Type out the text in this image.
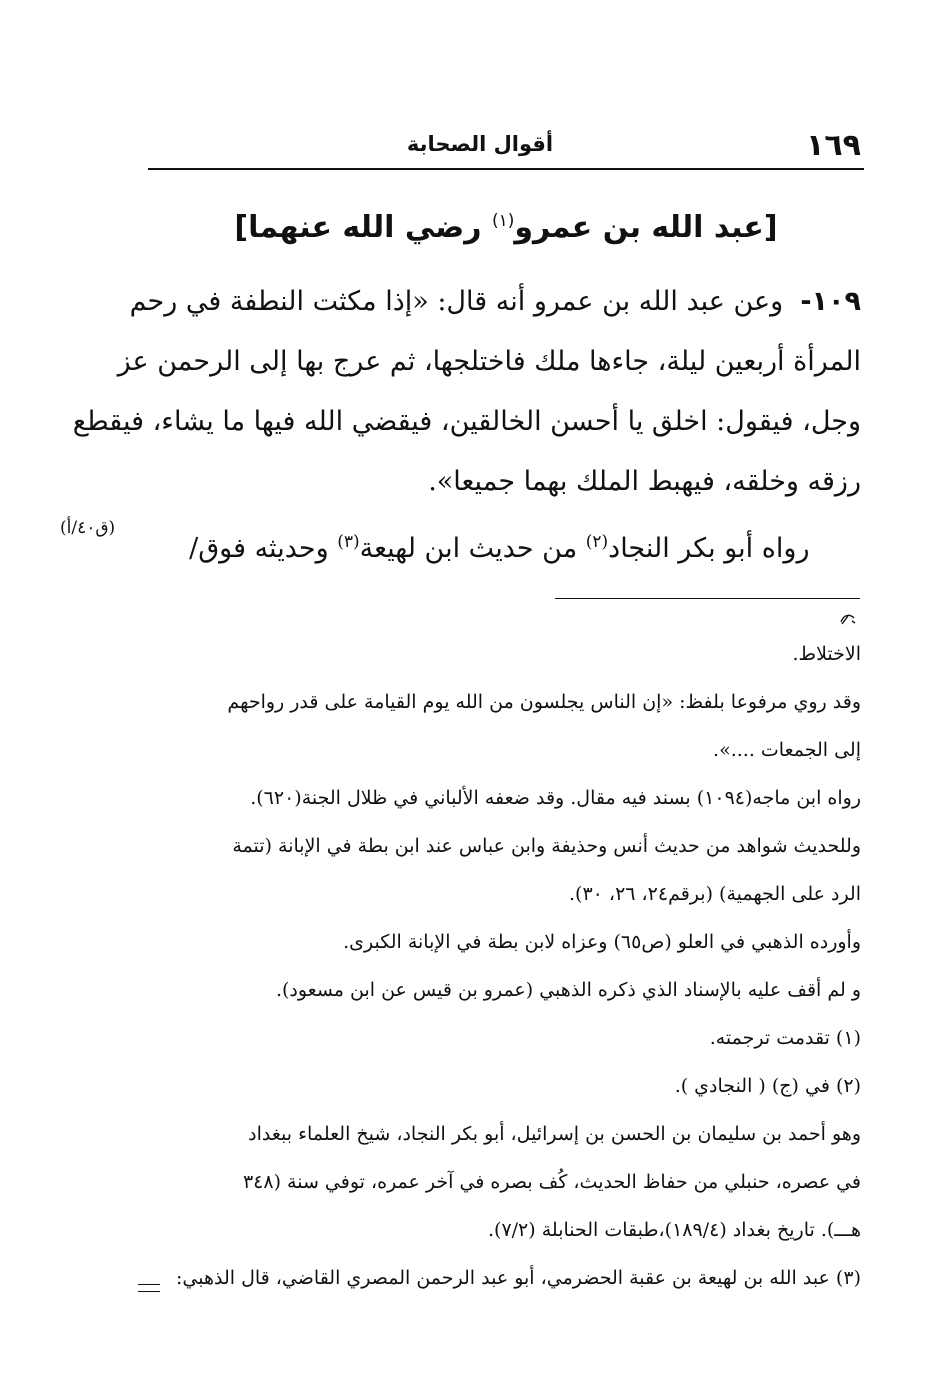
١٦٩
أقوال الصحابة
[عبد الله بن عمرو$^{(١)}$ رضي الله عنهما]
١٠٩-  وعن عبد الله بن عمرو أنه قال: «إذا مكثت النطفة في رحم
المرأة أربعين ليلة، جاءها ملك فاختلجها، ثم عرج بها إلى الرحمن عز
وجل، فيقول: اخلق يا أحسن الخالقين، فيقضي الله فيها ما يشاء، فيقطع
رزقه وخلقه، فيهبط الملك بهما جميعا».
رواه أبو بكر النجاد$^{(٢)}$ من حديث ابن لهيعة$^{(٣)}$ وحديثه فوق/
(ق٤٠/أ)
الاختلاط.
وقد روي مرفوعا بلفظ: «إن الناس يجلسون من الله يوم القيامة على قدر رواحهم
إلى الجمعات ....».
رواه ابن ماجه(١٠٩٤) بسند فيه مقال. وقد ضعفه الألباني في ظلال الجنة(٦٢٠).
وللحديث شواهد من حديث أنس وحذيفة وابن عباس عند ابن بطة في الإبانة (تتمة
الرد على الجهمية) (برقم٢٤، ٢٦، ٣٠).
وأورده الذهبي في العلو (ص٦٥) وعزاه لابن بطة في الإبانة الكبرى.
و لم أقف عليه بالإسناد الذي ذكره الذهبي (عمرو بن قيس عن ابن مسعود).
(١) تقدمت ترجمته.
(٢) في (ج) ( النجادي ).
وهو أحمد بن سليمان بن الحسن بن إسرائيل، أبو بكر النجاد، شيخ العلماء ببغداد
في عصره، حنبلي من حفاظ الحديث، كُف بصره في آخر عمره، توفي سنة (٣٤٨
هـــ). تاريخ بغداد (١٨٩/٤)،طبقات الحنابلة (٧/٢).
(٣) عبد الله بن لهيعة بن عقبة الحضرمي، أبو عبد الرحمن المصري القاضي، قال الذهبي:
